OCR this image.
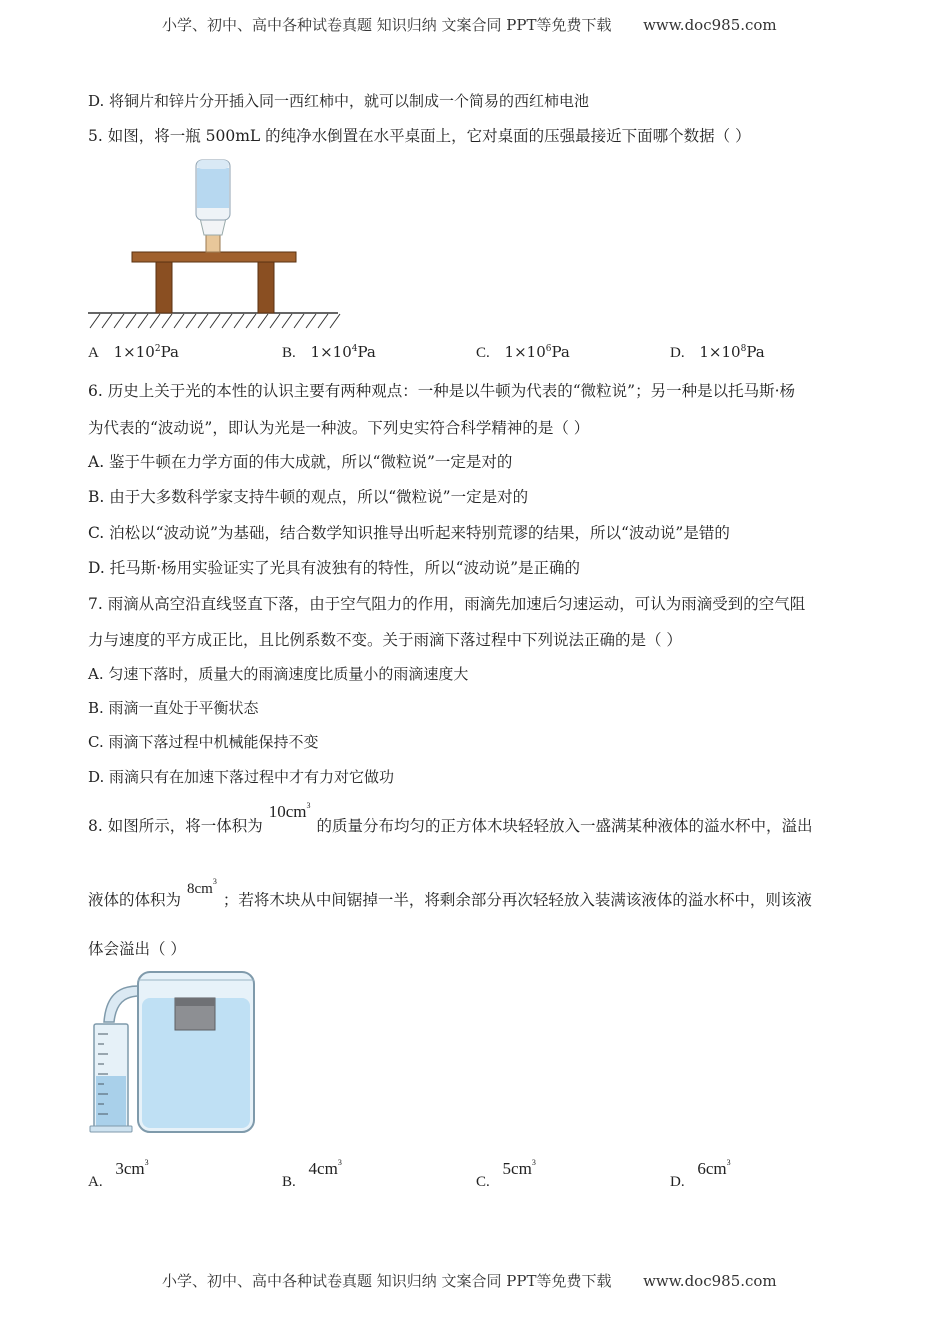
小学、初中、高中各种试卷真题 知识归纳 文案合同 PPT等免费下载 www.doc985.com
D. 将铜片和锌片分开插入同一西红柿中，就可以制成一个简易的西红柿电池
5. 如图，将一瓶 500mL 的纯净水倒置在水平桌面上，它对桌面的压强最接近下面哪个数据（ ）
A $1\times 10^2Pa$	B. $1\times 10^4Pa$	C. $1\times 10^6Pa$	D. $1\times 10^8Pa$
6. 历史上关于光的本性的认识主要有两种观点：一种是以牛顿为代表的“微粒说”；另一种是以托马斯·杨
为代表的“波动说”，即认为光是一种波。下列史实符合科学精神的是（ ）
A. 鉴于牛顿在力学方面的伟大成就，所以“微粒说”一定是对的
B. 由于大多数科学家支持牛顿的观点，所以“微粒说”一定是对的
C. 泊松以“波动说”为基础，结合数学知识推导出听起来特别荒谬的结果，所以“波动说”是错的
D. 托马斯·杨用实验证实了光具有波独有的特性，所以“波动说”是正确的
7. 雨滴从高空沿直线竖直下落，由于空气阻力的作用，雨滴先加速后匀速运动，可认为雨滴受到的空气阻
力与速度的平方成正比，且比例系数不变。关于雨滴下落过程中下列说法正确的是（ ）
A. 匀速下落时，质量大的雨滴速度比质量小的雨滴速度大
B. 雨滴一直处于平衡状态
C. 雨滴下落过程中机械能保持不变
D. 雨滴只有在加速下落过程中才有力对它做功
8. 如图所示，将一体积为$10cm^3$的质量分布均匀的正方体木块轻轻放入一盛满某种液体的溢水杯中，溢出
液体的体积为$8cm^3$；若将木块从中间锯掉一半，将剩余部分再次轻轻放入装满该液体的溢水杯中，则该液
体会溢出（ ）
A. $3cm^3$
B. $4cm^3$
C. $5cm^3$
D. $6cm^3$
小学、初中、高中各种试卷真题 知识归纳 文案合同 PPT等免费下载 www.doc985.com
